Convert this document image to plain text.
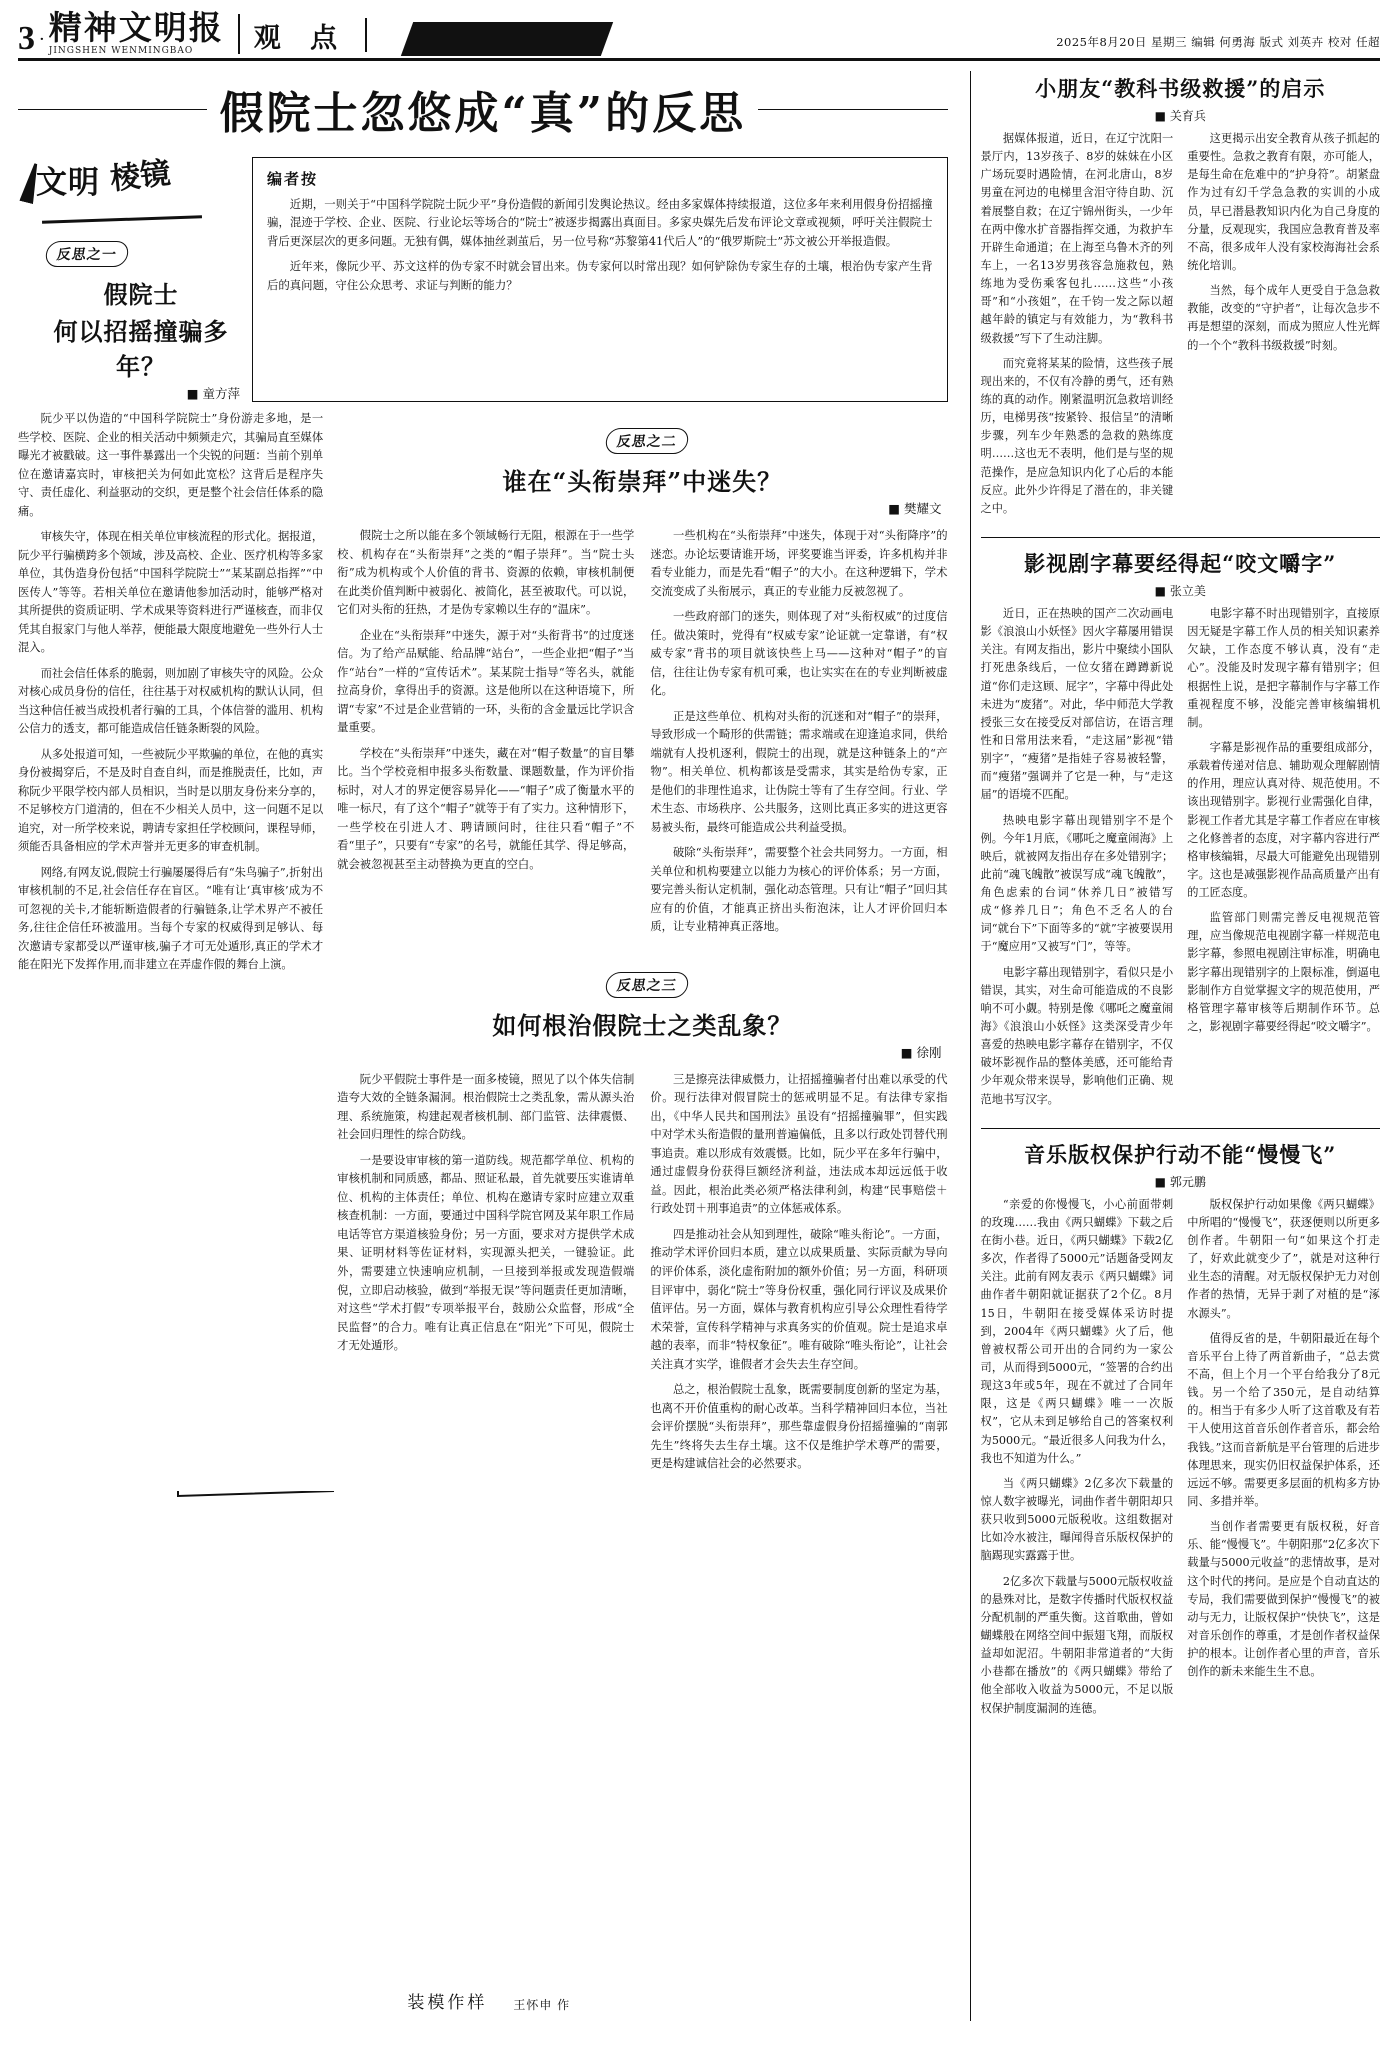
3 · 精神文明报
JINGSHEN WENMINGBAO	观 点	2025年8月20日 星期三 编辑 何勇海 版式 刘英卉 校对 任超
假院士忽悠成“真”的反思
文明 棱镜
反思之一
假院士
何以招摇撞骗多年？
■ 童方萍
编者按

近期，一则关于“中国科学院院士阮少平”身份造假的新闻引发舆论热议。经由多家媒体持续报道，这位多年来利用假身份招摇撞骗，混迹于学校、企业、医院、行业论坛等场合的“院士”被逐步揭露出真面目。多家央媒先后发布评论文章或视频，呼吁关注假院士背后更深层次的更多问题。无独有偶，媒体抽丝剥茧后，另一位号称“苏黎第41代后人”的“俄罗斯院士”苏文被公开举报造假。

近年来，像阮少平、苏文这样的伪专家不时就会冒出来。伪专家何以时常出现？如何铲除伪专家生存的土壤，根治伪专家产生背后的真问题，守住公众思考、求证与判断的能力？

阮少平以伪造的“中国科学院院士”身份游走多地，是一些学校、医院、企业的相关活动中频频走穴，其骗局直至媒体曝光才被戳破。这一事件暴露出一个尖锐的问题：当前个别单位在邀请嘉宾时，审核把关为何如此宽松？这背后是程序失守、责任虚化、利益驱动的交织，更是整个社会信任体系的隐痛。

审核失守，体现在相关单位审核流程的形式化。据报道，阮少平行骗横跨多个领域，涉及高校、企业、医疗机构等多家单位，其伪造身份包括“中国科学院院士”“某某副总指挥”“中医传人”等等。若相关单位在邀请他参加活动时，能够严格对其所提供的资质证明、学术成果等资料进行严谨核查，而非仅凭其自报家门与他人举荐，便能最大限度地避免一些外行人士混入。

而社会信任体系的脆弱，则加剧了审核失守的风险。公众对核心成员身份的信任，往往基于对权威机构的默认认同，但当这种信任被当成投机者行骗的工具，个体信誉的滥用、机构公信力的透支，都可能造成信任链条断裂的风险。

从多处报道可知，一些被阮少平欺骗的单位，在他的真实身份被揭穿后，不是及时自查自纠，而是推脱责任，比如，声称阮少平限学校内部人员相识，当时是以朋友身份来分享的，不足够校方门道清的，但在不少相关人员中，这一问题不足以追究，对一所学校来说，聘请专家担任学校顾问，课程导师，须能否具备相应的学术声誉并无更多的审查机制。

网络,有网友说,假院士行骗屡屡得后有“朱鸟骗子”,折射出审核机制的不足,社会信任存在盲区。“唯有让‘真审核’成为不可忽视的关卡,才能斩断造假者的行骗链条,让学术界产不被任务,往往企信任环被滥用。当每个专家的权威得到足够认、每次邀请专家都受以严谨审核,骗子才可无处遁形,真正的学术才能在阳光下发挥作用,而非建立在弄虚作假的舞台上演。

反思之二
谁在“头衔崇拜”中迷失？
■ 樊耀文

假院士之所以能在多个领域畅行无阻，根源在于一些学校、机构存在“头衔崇拜”之类的“帽子崇拜”。当“院士头衔”成为机构或个人价值的背书、资源的依赖，审核机制便在此类价值判断中被弱化、被简化，甚至被取代。可以说，它们对头衔的狂热，才是伪专家赖以生存的“温床”。

企业在“头衔崇拜”中迷失，源于对“头衔背书”的过度迷信。为了给产品赋能、给品牌“站台”，一些企业把“帽子”当作“站台”一样的“宣传话术”。某某院士指导“等名头，就能拉高身价，拿得出手的资源。这是他所以在这种语境下，所谓“专家”不过是企业营销的一环，头衔的含金量远比学识含量重要。

学校在“头衔崇拜”中迷失，藏在对“帽子数量”的盲目攀比。当个学校竞相申报多头衔数量、课题数量，作为评价指标时，对人才的界定便容易异化——“帽子”成了衡量水平的唯一标尺，有了这个“帽子”就等于有了实力。这种情形下，一些学校在引进人才、聘请顾问时，往往只看“帽子”不看“里子”，只要有“专家”的名号，就能任其学、得足够高，就会被忽视甚至主动替换为更直的空白。

一些机构在“头衔崇拜”中迷失，体现于对“头衔降序”的迷恋。办论坛要请谁开场，评奖要谁当评委，许多机构并非看专业能力，而是先看“帽子”的大小。在这种逻辑下，学术交流变成了头衔展示，真正的专业能力反被忽视了。

一些政府部门的迷失，则体现了对“头衔权威”的过度信任。做决策时，党得有“权威专家”论证就一定靠谱，有“权威专家”背书的项目就该快些上马——这种对“帽子”的盲信，往往让伪专家有机可乘，也让实实在在的专业判断被虚化。

正是这些单位、机构对头衔的沉迷和对“帽子”的崇拜，导致形成一个畸形的供需链；需求端或在迎逢追求同，供给端就有人投机逐利，假院士的出现，就是这种链条上的“产物”。相关单位、机构都该是受需求，其实是给伪专家，正是他们的非理性追求，让伪院士等有了生存空间。行业、学术生态、市场秩序、公共服务，这则比真正多实的进这更容易被头衔，最终可能造成公共利益受损。

破除“头衔崇拜”，需要整个社会共同努力。一方面，相关单位和机构要建立以能力为核心的评价体系；另一方面，要完善头衔认定机制，强化动态管理。只有让“帽子”回归其应有的价值，才能真正挤出头衔泡沫，让人才评价回归本质，让专业精神真正落地。

反思之三
如何根治假院士之类乱象？
■ 徐刚

阮少平假院士事件是一面多棱镜，照见了以个体失信制造夸大效的全链条漏洞。根治假院士之类乱象，需从源头治理、系统施策，构建起观者核机制、部门监管、法律震慑、社会回归理性的综合防线。

一是要设审审核的第一道防线。规范都学单位、机构的审核机制和同质感，都品、照证私最，首先就要压实谁请单位、机构的主体责任；单位、机构在邀请专家时应建立双重核查机制：一方面，要通过中国科学院官网及某年职工作局电话等官方渠道核验身份；另一方面，要求对方提供学术成果、证明材料等佐证材料，实现源头把关，一键验证。此外，需要建立快速响应机制，一旦接到举报或发现造假端倪，立即启动核验，做到“举报无误”等问题责任更加清晰，对这些“学术打假”专项举报平台，鼓励公众监督，形成“全民监督”的合力。唯有让真正信息在“阳光”下可见，假院士才无处遁形。

三是擦亮法律威慑力，让招摇撞骗者付出难以承受的代价。现行法律对假冒院士的惩戒明显不足。有法律专家指出，《中华人民共和国刑法》虽设有“招摇撞骗罪”，但实践中对学术头衔造假的量刑普遍偏低，且多以行政处罚替代刑事追责。难以形成有效震慑。比如，阮少平在多年行骗中，通过虚假身份获得巨额经济利益，违法成本却远远低于收益。因此，根治此类必须严格法律利剑，构建“民事赔偿＋行政处罚＋刑事追责”的立体惩戒体系。

四是推动社会从知到理性，破除“唯头衔论”。一方面，推动学术评价回归本质，建立以成果质量、实际贡献为导向的评价体系，淡化虚衔附加的额外价值；另一方面，科研项目评审中，弱化“院士”等身份权重，强化同行评议及成果价值评估。另一方面，媒体与教育机构应引导公众理性看待学术荣誉，宣传科学精神与求真务实的价值观。院士是追求卓越的表率，而非“特权象征”。唯有破除“唯头衔论”，让社会关注真才实学，谁假者才会失去生存空间。

总之，根治假院士乱象，既需要制度创新的坚定为基，也离不开价值重构的耐心改革。当科学精神回归本位，当社会评价摆脱“头衔崇拜”，那些靠虚假身份招摇撞骗的“南郭先生”终将失去生存土壤。这不仅是维护学术尊严的需要，更是构建诚信社会的必然要求。

双院士
身份 造假
装模作样 王怀申 作
小朋友“教科书级救援”的启示
■ 关育兵

据媒体报道，近日，在辽宁沈阳一景厅内，13岁孩子、8岁的妹妹在小区广场玩耍时遇险情，在河北唐山，8岁男童在河边的电梯里含泪守待自助、沉着展整自救；在辽宁锦州街头，一少年在两中像水扩音器指挥交通，为救护车开辟生命通道；在上海至乌鲁木齐的列车上，一名13岁男孩容急施救包，熟练地为受伤乘客包扎……这些“小孩哥”和“小孩姐”，在千钧一发之际以超越年龄的镇定与有效能力，为“教科书级救援”写下了生动注脚。

而究竟将某某的险情，这些孩子展现出来的，不仅有冷静的勇气，还有熟练的真的动作。刚紧温明沉急救培训经历，电梯男孩“按紧铃、报信呈”的清晰步骤，列车少年熟悉的急救的熟练度明……这也无不表明，他们是与坚的规范操作，是应急知识内化了心后的本能反应。此外少许得足了潜在的，非关键之中。

这更揭示出安全教育从孩子抓起的重要性。急救之教育有限，亦可能人，是每生命在危难中的“护身符”。胡紧盘作为过有幻千学急急教的实训的小成员，早已潜悬教知识内化为自己身度的分量，反观现实，我国应急教育普及率不高，很多成年人没有家校海海社会系统化培训。

当然，每个成年人更受自于急急救教能，改变的“守护者”，让每次急步不再是想望的深刻，而成为照应人性光辉的一个个“教科书级救援”时刻。

影视剧字幕要经得起“咬文嚼字”
■ 张立美

近日，正在热映的国产二次动画电影《浪浪山小妖怪》因火字幕屡用错误关注。有网友指出，影片中聚续小国队打死患条线后，一位女猪在蹲蹲新说道“你们走这顾、屁字”，字幕中得此处未进为“废猪”。对此，华中师范大学教授张三女在接受反对部信访，在语言理性和日常用法来看，“走这届”影视“错别字”，“瘦猪”是指娃子容易被轻警，而“瘦猪”强调并了它是一种，与“走这届”的语境不匹配。

热映电影字幕出现错别字不是个例。今年1月底，《哪吒之魔童闹海》上映后，就被网友指出存在多处错别字；此前“魂飞魄散”被误写成“魂飞魄散”，角色虑索的台词“休养几日”被错写成“修养几日”；角色不乏名人的台词“就台下”下面等多的“就”字被要误用于“魔应用”又被写“门”，等等。

电影字幕出现错别字，看似只是小错误，其实，对生命可能造成的不良影响不可小觑。特别是像《哪吒之魔童闹海》《浪浪山小妖怪》这类深受青少年喜爱的热映电影字幕存在错别字，不仅破坏影视作品的整体美感，还可能给青少年观众带来误导，影响他们正确、规范地书写汉字。

电影字幕不时出现错别字，直接原因无疑是字幕工作人员的相关知识素养欠缺，工作态度不够认真，没有“走心”。没能及时发现字幕有错别字；但根据性上说，是把字幕制作与字幕工作重视程度不够，没能完善审核编辑机制。

字幕是影视作品的重要组成部分，承载着传递对信息、辅助观众理解剧情的作用，理应认真对待、规范使用。不该出现错别字。影视行业需强化自律，影视工作者尤其是字幕工作者应在审核之化修善者的态度，对字幕内容进行严格审核编辑，尽最大可能避免出现错别字。这也是减强影视作品高质量产出有的工匠态度。

监管部门则需完善反电视规范管理，应当像规范电视剧字幕一样规范电影字幕，参照电视剧注审标准，明确电影字幕出现错别字的上限标准，倒逼电影制作方自觉掌握文字的规范使用，严格管理字幕审核等后期制作环节。总之，影视剧字幕要经得起“咬文嚼字”。

音乐版权保护行动不能“慢慢飞”
■ 郭元鹏

“亲爱的你慢慢飞，小心前面带刺的玫瑰……我由《两只蝴蝶》下载之后在街小巷。近日，《两只蝴蝶》下载2亿多次，作者得了5000元”话题备受网友关注。此前有网友表示《两只蝴蝶》词曲作者牛朝阳就证据获了2个亿。8月15日，牛朝阳在接受媒体采访时提到，2004年《两只蝴蝶》火了后，他曾被权帮公司开出的合同约为一家公司，从而得到5000元，“签署的合约出现这3年或5年，现在不就过了合同年限，这是《两只蝴蝶》唯一一次版权”，它从未到足够给自己的答案权利为5000元。“最近很多人问我为什么，我也不知道为什么。”

当《两只蝴蝶》2亿多次下载量的惊人数字被曝光，词曲作者牛朝阳却只获只收到5000元版税收。这组数据对比如冷水被注，曝闻得音乐版权保护的脑踢现实露露于世。

2亿多次下载量与5000元版权收益的悬殊对比，是数字传播时代版权权益分配机制的严重失衡。这首歌曲，曾如蝴蝶般在网络空间中振翅飞翔，而版权益却如泥沼。牛朝阳非常道者的“大街小巷都在播放”的《两只蝴蝶》带给了他全部收入收益为5000元，不足以版权保护制度漏洞的连德。

版权保护行动如果像《两只蝴蝶》中所唱的“慢慢飞”，获逐便则以所更多创作者。牛朝阳一句“如果这个打走了，好欢此就变少了”，就是对这种行业生态的清醒。对无版权保护无力对创作者的热情，无异于剥了对植的是“涿水源头”。

值得反省的是，牛朝阳最近在每个音乐平台上待了两首新曲子，“总去赏不高，但上个月一个平台给我分了8元钱。另一个给了350元，是自动结算的。相当于有多少人听了这首歌及有若干人使用这首音乐创作者音乐，都会给我钱。”这而音新航是平台管理的后进步体理思来，现实仍旧权益保护体系，还远远不够。需要更多层面的机构多方协同、多措并举。

当创作者需要更有版权税，好音乐、能“慢慢飞”。牛朝阳那“2亿多次下载量与5000元收益”的悲情故事，是对这个时代的拷问。是应是个自动直达的专局，我们需要做到保护“慢慢飞”的被动与无力，让版权保护“快快飞”，这是对音乐创作的尊重，才是创作者权益保护的根本。让创作者心里的声音，音乐创作的新未来能生生不息。
